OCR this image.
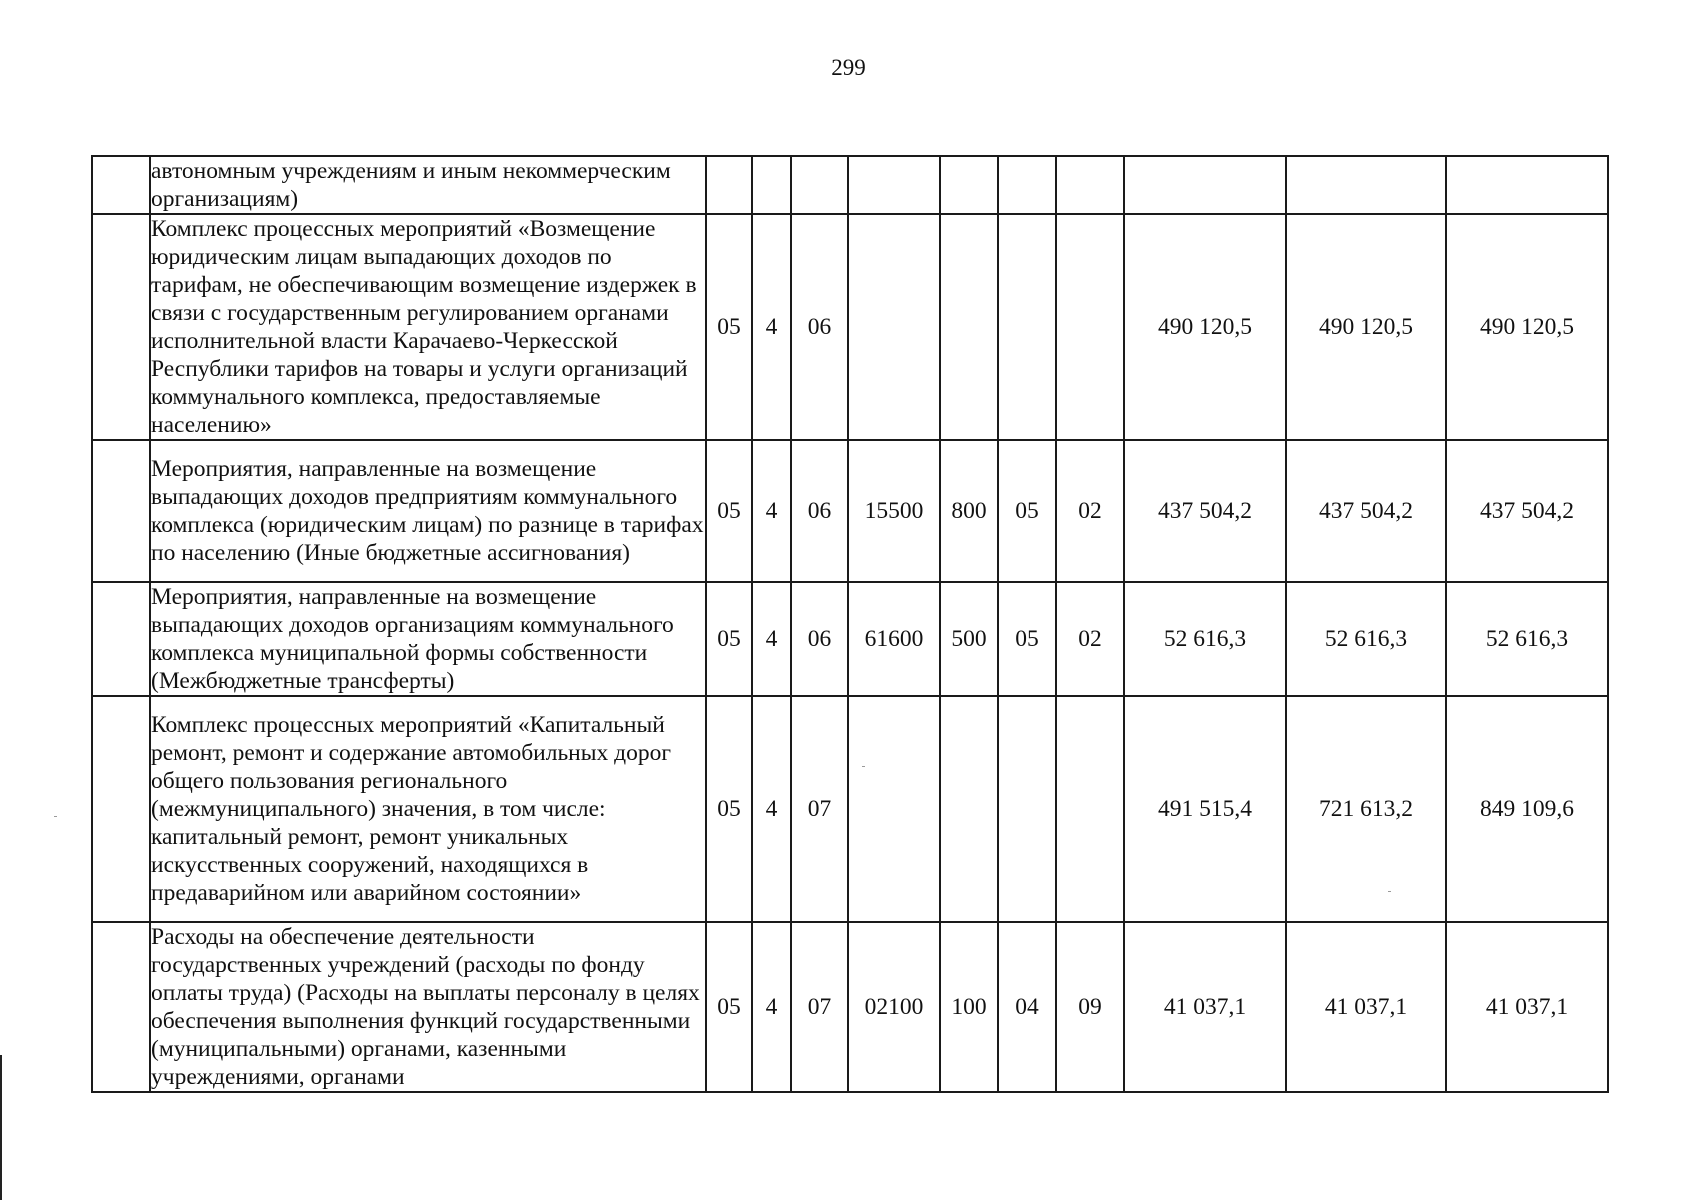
299
	автономным учреждениям и иным некоммерческим организациям)										
	Комплекс процессных мероприятий «Возмещение юридическим лицам выпадающих доходов по тарифам, не обеспечивающим возмещение издержек в связи с государственным регулированием органами исполнительной власти Карачаево-Черкесской Республики тарифов на товары и услуги организаций коммунального комплекса, предоставляемые населению»	05	4	06					490 120,5	490 120,5	490 120,5
	Мероприятия, направленные на возмещение выпадающих доходов предприятиям коммунального комплекса (юридическим лицам) по разнице в тарифах по населению (Иные бюджетные ассигнования)	05	4	06	15500	800	05	02	437 504,2	437 504,2	437 504,2
	Мероприятия, направленные на возмещение выпадающих доходов организациям коммунального комплекса муниципальной формы собственности (Межбюджетные трансферты)	05	4	06	61600	500	05	02	52 616,3	52 616,3	52 616,3
	Комплекс процессных мероприятий «Капитальный ремонт, ремонт и содержание автомобильных дорог общего пользования регионального (межмуниципального) значения, в том числе: капитальный ремонт, ремонт уникальных искусственных сооружений, находящихся в предаварийном или аварийном состоянии»	05	4	07					491 515,4	721 613,2	849 109,6
	Расходы на обеспечение деятельности государственных учреждений (расходы по фонду оплаты труда) (Расходы на выплаты персоналу в целях обеспечения выполнения функций государственными (муниципальными) органами, казенными учреждениями, органами	05	4	07	02100	100	04	09	41 037,1	41 037,1	41 037,1
